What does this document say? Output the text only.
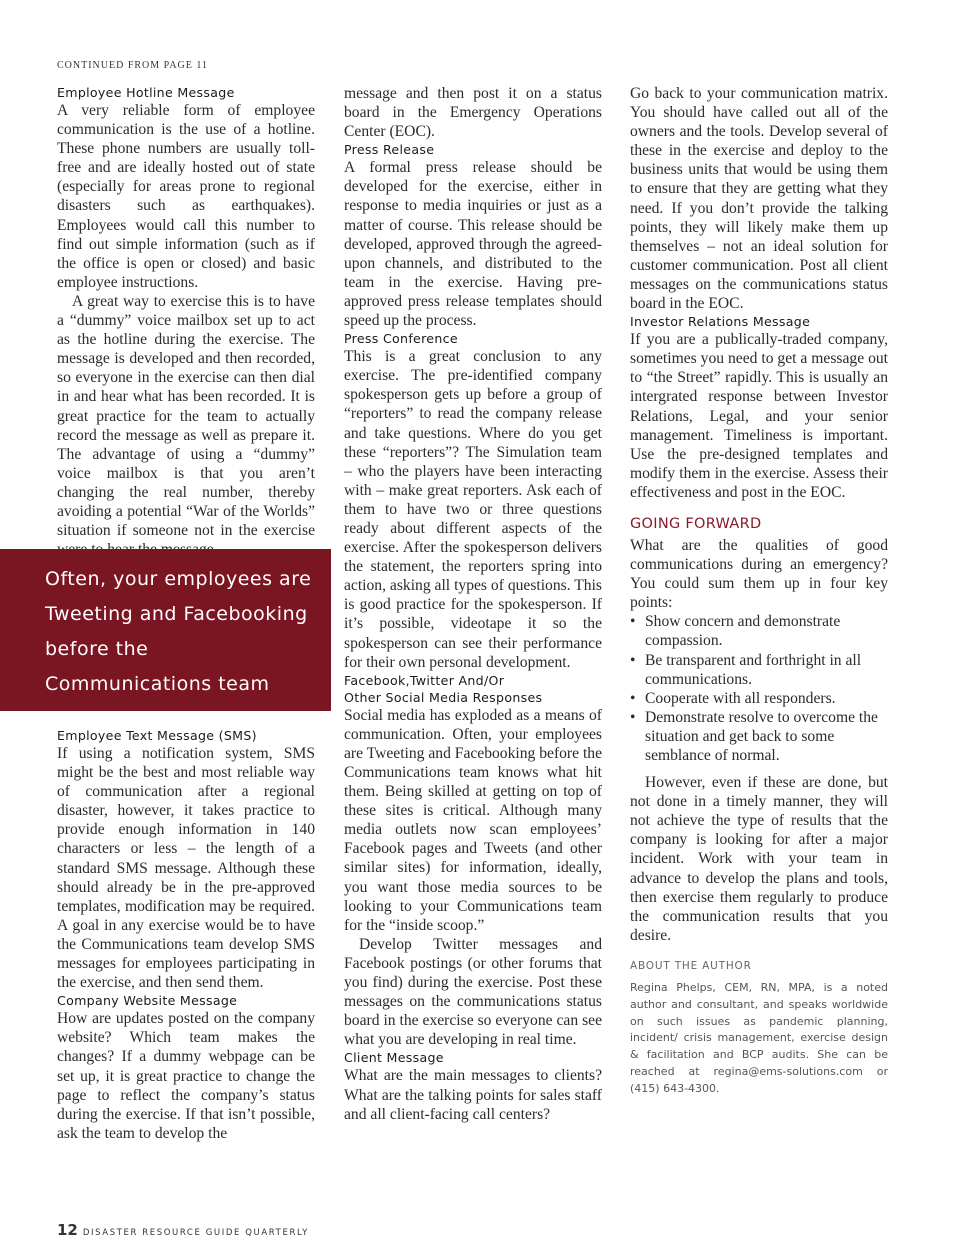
CONTINUED FROM PAGE 11
Employee Hotline Message

A very reliable form of employee communication is the use of a hotline. These phone numbers are usually toll-free and are ideally hosted out of state (especially for areas prone to regional disasters such as earthquakes). Employees would call this number to find out simple information (such as if the office is open or closed) and basic employee instructions.

A great way to exercise this is to have a “dummy” voice mailbox set up to act as the hotline during the exercise. The message is developed and then recorded, so everyone in the exercise can then dial in and hear what has been recorded. It is great practice for the team to actually record the message as well as prepare it. The advantage of using a “dummy” voice mailbox is that you aren’t changing the real number, thereby avoiding a potential “War of the Worlds” situation if someone not in the exercise

Often, your employees are Tweeting and Facebooking before the Communications team knows what hit them.

Employee Text Message (SMS)

If using a notification system, SMS might be the best and most reliable way of communication after a regional disaster, however, it takes practice to provide enough information in 140 characters or less – the length of a standard SMS message. Although these should already be in the pre-approved templates, modification may be required. A goal in any exercise would be to have the Communications team develop SMS messages for employees participating in the exercise, and then send them.

Company Website Message

How are updates posted on the company website? Which team makes the changes? If a dummy webpage can be set up, it is great practice to change the page to reflect the company’s status during the exercise. If that isn’t possible, ask the team to develop the

message and then post it on a status board in the Emergency Operations Center (EOC).

Press Release

A formal press release should be developed for the exercise, either in response to media inquiries or just as a matter of course. This release should be developed, approved through the agreed-upon channels, and distributed to the team in the exercise. Having pre-approved press release templates should speed up the process.

Press Conference

This is a great conclusion to any exercise. The pre-identified company spokesperson gets up before a group of “reporters” to read the company release and take questions. Where do you get these “reporters”? The Simulation team – who the players have been interacting with – make great reporters. Ask each of them to have two or three questions ready about different aspects of the exercise. After the spokesperson delivers the statement, the reporters spring into action, asking all types of questions. This is good practice for the spokesperson. If it’s possible, videotape it so the spokesperson can see their performance for their own personal development.

Facebook,Twitter And/Or
Other Social Media Responses

Social media has exploded as a means of communication. Often, your employees are Tweeting and Facebooking before the Communications team knows what hit them. Being skilled at getting on top of these sites is critical. Although many media outlets now scan employees’ Facebook pages and Tweets (and other similar sites) for information, ideally, you want those media sources to be looking to your Communications team for the “inside scoop.”

Develop Twitter messages and Facebook postings (or other forums that you find) during the exercise. Post these messages on the communications status board in the exercise so everyone can see what you are developing in real time.

Client Message

What are the main messages to clients? What are the talking points for sales staff and all client-facing call centers?

Go back to your communication matrix. You should have called out all of the owners and the tools. Develop several of these in the exercise and deploy to the business units that would be using them to ensure that they are getting what they need. If you don’t provide the talking points, they will likely make them up themselves – not an ideal solution for customer communication. Post all client messages on the communications status board in the EOC.

Investor Relations Message

If you are a publically-traded company, sometimes you need to get a message out to “the Street” rapidly. This is usually an intergrated response between Investor Relations, Legal, and your senior management. Timeliness is important. Use the pre-designed templates and modify them in the exercise. Assess their effectiveness and post in the EOC.

GOING FORWARD

What are the qualities of good communications during an emergency? You could sum them up in four key points:

• Show concern and demonstrate compassion.
• Be transparent and forthright in all communications.
• Cooperate with all responders.
• Demonstrate resolve to overcome the situation and get back to some semblance of normal.

However, even if these are done, but not done in a timely manner, they will not achieve the type of results that the company is looking for after a major incident. Work with your team in advance to develop the plans and tools, then exercise them regularly to produce the communication results that you desire.

ABOUT THE AUTHOR

Regina Phelps, CEM, RN, MPA, is a noted author and consultant, and speaks worldwide on such issues as pandemic planning, incident/ crisis management, exercise design & facilitation and BCP audits. She can be reached at regina@ems-solutions.com or (415) 643-4300.

12 DISASTER RESOURCE GUIDE QUARTERLY
